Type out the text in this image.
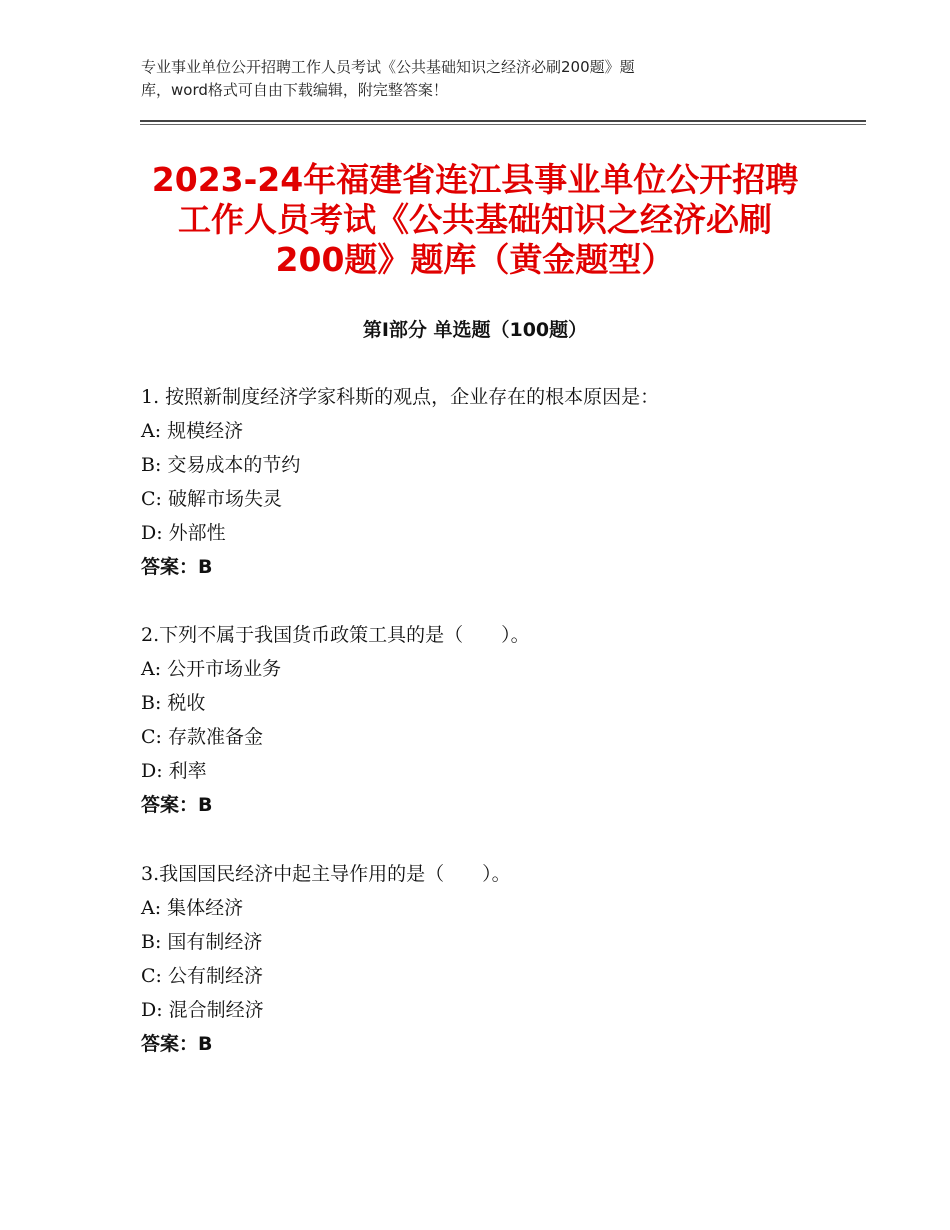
专业事业单位公开招聘工作人员考试《公共基础知识之经济必刷200题》题
库，word格式可自由下载编辑，附完整答案！
2023-24年福建省连江县事业单位公开招聘
工作人员考试《公共基础知识之经济必刷
200题》题库（黄金题型）
第Ⅰ部分 单选题（100题）
1. 按照新制度经济学家科斯的观点，企业存在的根本原因是：
A: 规模经济
B: 交易成本的节约
C: 破解市场失灵
D: 外部性
答案：B
2.下列不属于我国货币政策工具的是（　　）。
A: 公开市场业务
B: 税收
C: 存款准备金
D: 利率
答案：B
3.我国国民经济中起主导作用的是（　　）。
A: 集体经济
B: 国有制经济
C: 公有制经济
D: 混合制经济
答案：B
